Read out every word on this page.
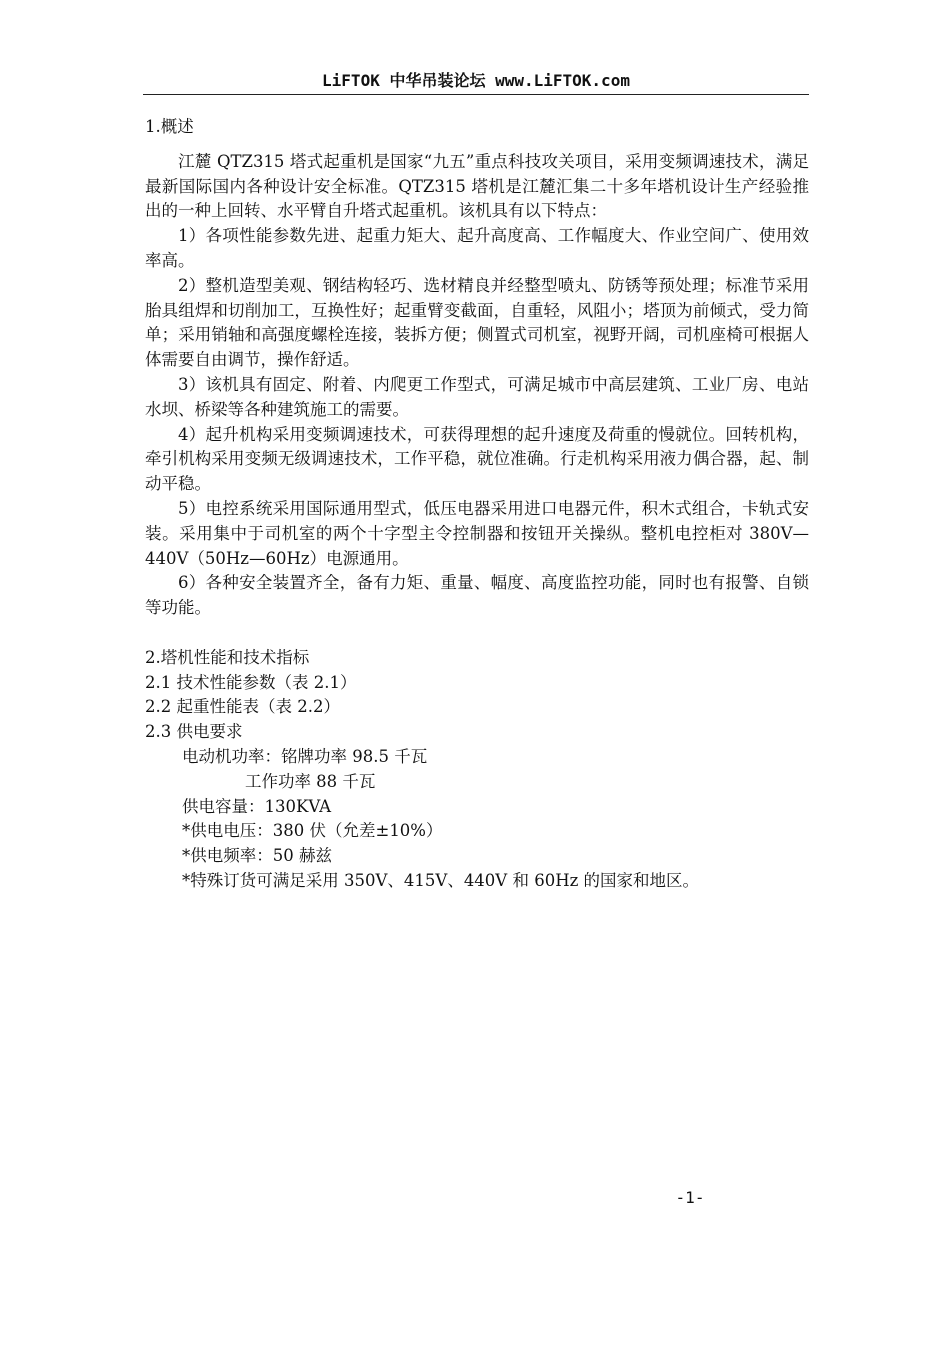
LiFTOK 中华吊装论坛 www.LiFTOK.com

1.概述

江麓 QTZ315 塔式起重机是国家“九五”重点科技攻关项目，采用变频调速技术，满足最新国际国内各种设计安全标准。QTZ315 塔机是江麓汇集二十多年塔机设计生产经验推出的一种上回转、水平臂自升塔式起重机。该机具有以下特点：

1）各项性能参数先进、起重力矩大、起升高度高、工作幅度大、作业空间广、使用效率高。

2）整机造型美观、钢结构轻巧、选材精良并经整型喷丸、防锈等预处理；标准节采用胎具组焊和切削加工，互换性好；起重臂变截面，自重轻，风阻小；塔顶为前倾式，受力简单；采用销轴和高强度螺栓连接，装拆方便；侧置式司机室，视野开阔，司机座椅可根据人体需要自由调节，操作舒适。

3）该机具有固定、附着、内爬更工作型式，可满足城市中高层建筑、工业厂房、电站水坝、桥梁等各种建筑施工的需要。

4）起升机构采用变频调速技术，可获得理想的起升速度及荷重的慢就位。回转机构，牵引机构采用变频无级调速技术，工作平稳，就位准确。行走机构采用液力偶合器，起、制动平稳。

5）电控系统采用国际通用型式，低压电器采用进口电器元件，积木式组合，卡轨式安装。采用集中于司机室的两个十字型主令控制器和按钮开关操纵。整机电控柜对 380V—440V（50Hz—60Hz）电源通用。

6）各种安全装置齐全，备有力矩、重量、幅度、高度监控功能，同时也有报警、自锁等功能。

2.塔机性能和技术指标

2.1 技术性能参数（表 2.1）

2.2 起重性能表（表 2.2）

2.3 供电要求

电动机功率：铭牌功率 98.5 千瓦

工作功率 88 千瓦

供电容量：130KVA

*供电电压：380 伏（允差±10%）

*供电频率：50 赫兹

*特殊订货可满足采用 350V、415V、440V 和 60Hz 的国家和地区。

-1-
